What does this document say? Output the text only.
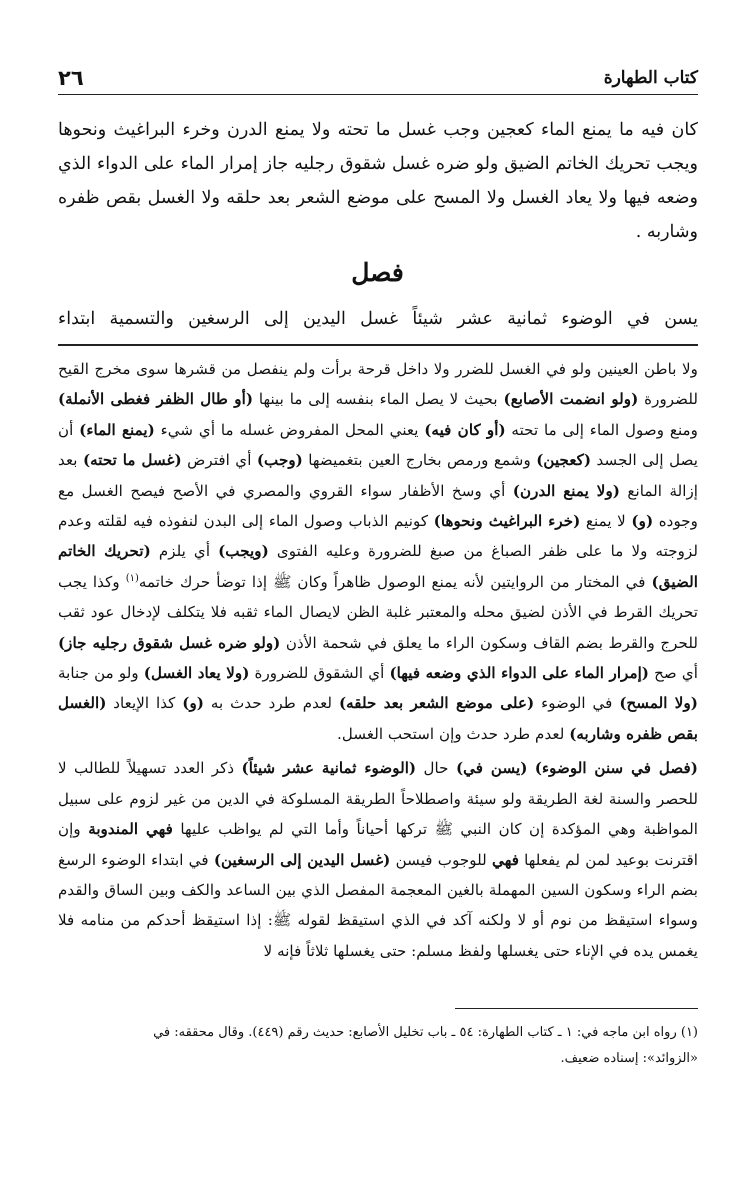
كتاب الطهارة
٢٦

كان فيه ما يمنع الماء كعجين وجب غسل ما تحته ولا يمنع الدرن وخرء البراغيث ونحوها ويجب تحريك الخاتم الضيق ولو ضره غسل شقوق رجليه جاز إمرار الماء على الدواء الذي وضعه فيها ولا يعاد الغسل ولا المسح على موضع الشعر بعد حلقه ولا الغسل بقص ظفره وشاربه .

فصل
يسن في الوضوء ثمانية عشر شيئاً غسل اليدين إلى الرسغين والتسمية ابتداء

ولا باطن العينين ولو في الغسل للضرر ولا داخل قرحة برأت ولم ينفصل من قشرها سوى مخرج القيح للضرورة (ولو انضمت الأصابع) بحيث لا يصل الماء بنفسه إلى ما بينها (أو طال الظفر فغطى الأنملة) ومنع وصول الماء إلى ما تحته (أو كان فيه) يعني المحل المفروض غسله ما أي شيء (يمنع الماء) أن يصل إلى الجسد (كعجين) وشمع ورمص بخارج العين بتغميضها (وجب) أي افترض (غسل ما تحته) بعد إزالة المانع (ولا يمنع الدرن) أي وسخ الأظفار سواء القروي والمصري في الأصح فيصح الغسل مع وجوده (و) لا يمنع (خرء البراغيث ونحوها) كونيم الذباب وصول الماء إلى البدن لنفوذه فيه لقلته وعدم لزوجته ولا ما على ظفر الصباغ من صبغ للضرورة وعليه الفتوى (ويجب) أي يلزم (تحريك الخاتم الضيق) في المختار من الروايتين لأنه يمنع الوصول ظاهراً وكان ﷺ إذا توضأ حرك خاتمه$^{(١)}$ وكذا يجب تحريك القرط في الأذن لضيق محله والمعتبر غلبة الظن لايصال الماء ثقبه فلا يتكلف لإدخال عود ثقب للحرج والقرط بضم القاف وسكون الراء ما يعلق في شحمة الأذن (ولو ضره غسل شقوق رجليه جاز) أي صح (إمرار الماء على الدواء الذي وضعه فيها) أي الشقوق للضرورة (ولا يعاد الغسل) ولو من جنابة (ولا المسح) في الوضوء (على موضع الشعر بعد حلقه) لعدم طرد حدث به (و) كذا الإيعاد (الغسل بقص ظفره وشاربه) لعدم طرد حدث وإن استحب الغسل.

(فصل في سنن الوضوء) (يسن في) حال (الوضوء ثمانية عشر شيئاً) ذكر العدد تسهيلاً للطالب لا للحصر والسنة لغة الطريقة ولو سيئة واصطلاحاً الطريقة المسلوكة في الدين من غير لزوم على سبيل المواظبة وهي المؤكدة إن كان النبي ﷺ تركها أحياناً وأما التي لم يواظب عليها فهي المندوبة وإن اقترنت بوعيد لمن لم يفعلها فهي للوجوب فيسن (غسل اليدين إلى الرسغين) في ابتداء الوضوء الرسغ بضم الراء وسكون السين المهملة بالغين المعجمة المفصل الذي بين الساعد والكف وبين الساق والقدم وسواء استيقظ من نوم أو لا ولكنه آكد في الذي استيقظ لقوله ﷺ: إذا استيقظ أحدكم من منامه فلا يغمس يده في الإناء حتى يغسلها ولفظ مسلم: حتى يغسلها ثلاثاً فإنه لا

(١) رواه ابن ماجه في: ١ ـ كتاب الطهارة: ٥٤ ـ باب تخليل الأصابع: حديث رقم (٤٤٩). وقال محققه: في

«الزوائد»: إسناده ضعيف.
